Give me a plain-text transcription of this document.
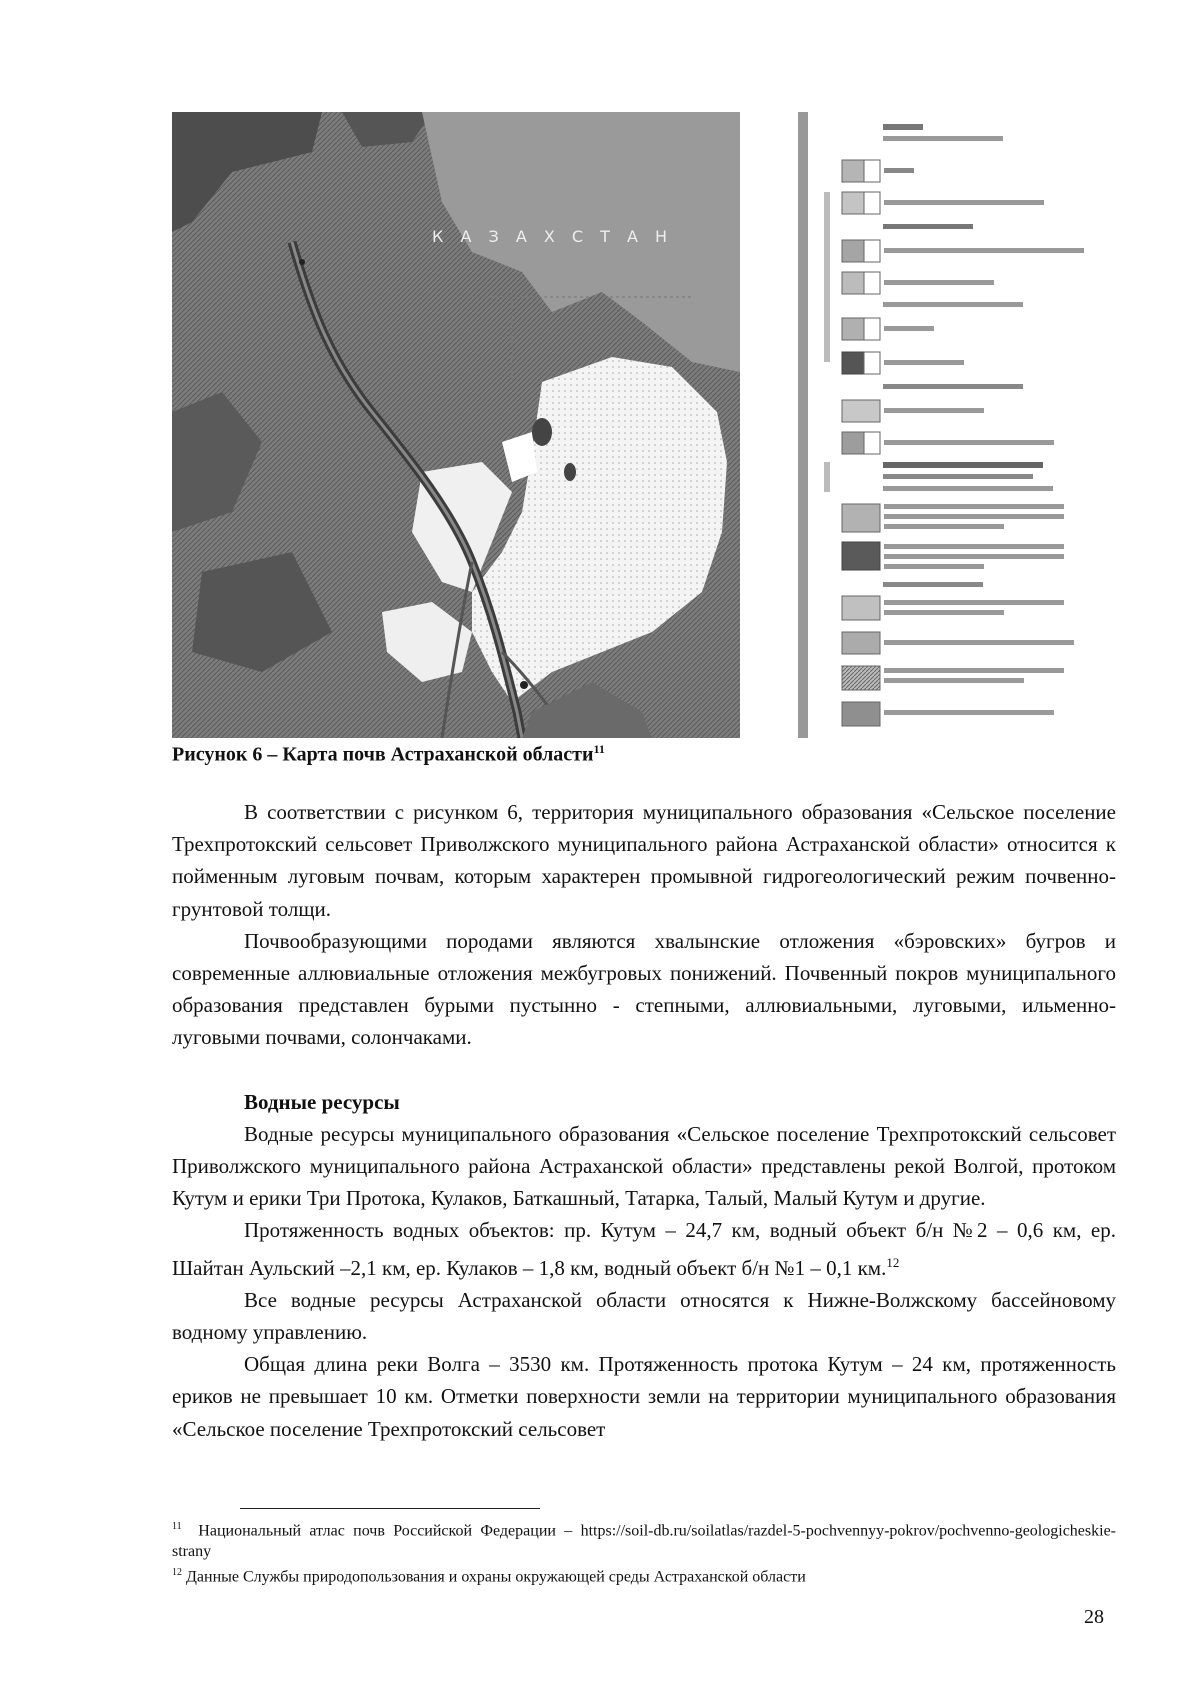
К А З А Х С Т А Н
Рисунок 6 – Карта почв Астраханской области$^{11}$

В соответствии с рисунком 6, территория муниципального образования «Сельское поселение Трехпротокский сельсовет Приволжского муниципального района Астраханской области» относится к пойменным луговым почвам, которым характерен промывной гидрогеологический режим почвенно-грунтовой толщи.

Почвообразующими породами являются хвалынские отложения «бэровских» бугров и современные аллювиальные отложения межбугровых понижений. Почвенный покров муниципального образования представлен бурыми пустынно - степными, аллювиальными, луговыми, ильменно-луговыми почвами, солончаками.

Водные ресурсы

Водные ресурсы муниципального образования «Сельское поселение Трехпротокский сельсовет Приволжского муниципального района Астраханской области» представлены рекой Волгой, протоком Кутум и ерики Три Протока, Кулаков, Баткашный, Татарка, Талый, Малый Кутум и другие.

Протяженность водных объектов: пр. Кутум – 24,7 км, водный объект б/н №2 – 0,6 км, ер. Шайтан Аульский –2,1 км, ер. Кулаков – 1,8 км, водный объект б/н №1 – 0,1 км.$^{12}$

Все водные ресурсы Астраханской области относятся к Нижне-Волжскому бассейновому водному управлению.

Общая длина реки Волга – 3530 км. Протяженность протока Кутум – 24 км, протяженность ериков не превышает 10 км. Отметки поверхности земли на территории муниципального образования «Сельское поселение Трехпротокский сельсовет

$^{11}$ Национальный атлас почв Российской Федерации – https://soil-db.ru/soilatlas/razdel-5-pochvennyy-pokrov/pochvenno-geologicheskie-strany

$^{12}$ Данные Службы природопользования и охраны окружающей среды Астраханской области

28
